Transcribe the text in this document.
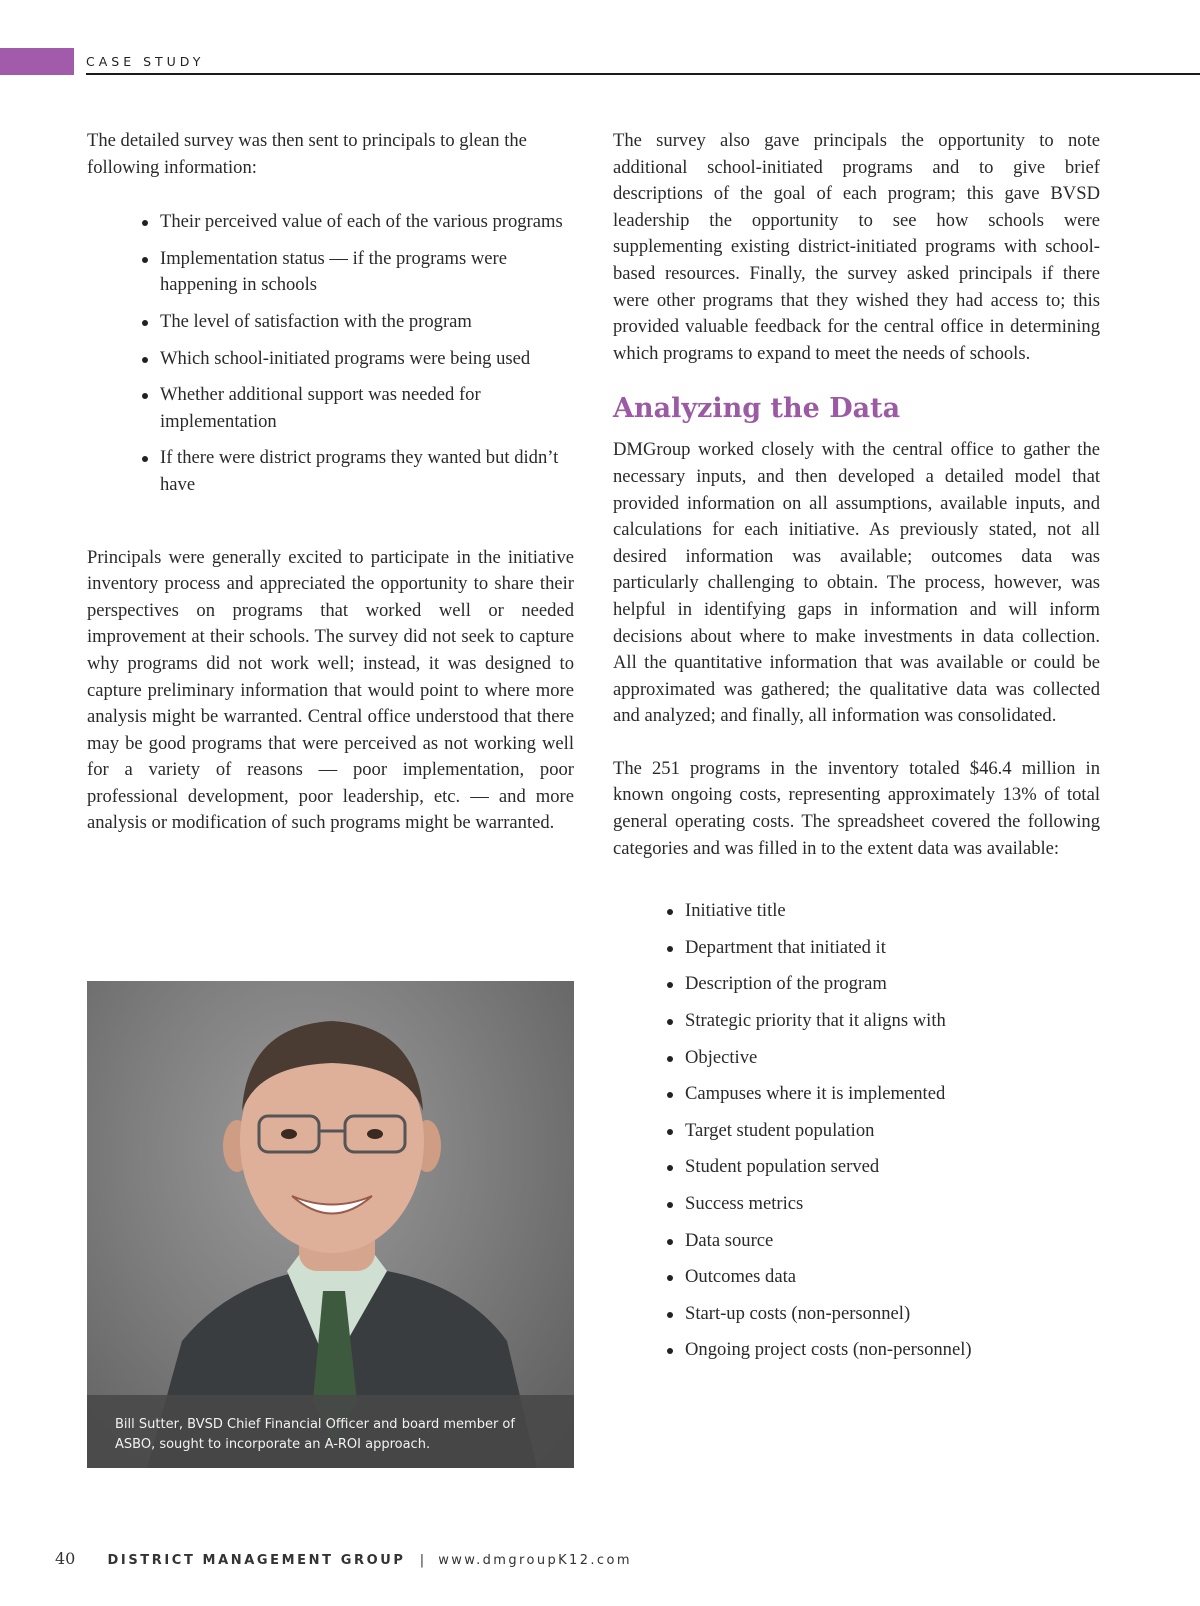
CASE STUDY

The detailed survey was then sent to principals to glean the following information:

Their perceived value of each of the various programs
Implementation status — if the programs were happening in schools
The level of satisfaction with the program
Which school-initiated programs were being used
Whether additional support was needed for implementation
If there were district programs they wanted but didn’t have

Principals were generally excited to participate in the initiative inventory process and appreciated the opportunity to share their perspectives on programs that worked well or needed improvement at their schools. The survey did not seek to capture why programs did not work well; instead, it was designed to capture preliminary information that would point to where more analysis might be warranted. Central office understood that there may be good programs that were perceived as not working well for a variety of reasons — poor implementation, poor professional development, poor leadership, etc. — and more analysis or modification of such programs might be warranted.

Bill Sutter, BVSD Chief Financial Officer and board member of ASBO, sought to incorporate an A-ROI approach.

The survey also gave principals the opportunity to note additional school-initiated programs and to give brief descriptions of the goal of each program; this gave BVSD leadership the opportunity to see how schools were supplementing existing district-initiated programs with school-based resources. Finally, the survey asked principals if there were other programs that they wished they had access to; this provided valuable feedback for the central office in determining which programs to expand to meet the needs of schools.

Analyzing the Data

DMGroup worked closely with the central office to gather the necessary inputs, and then developed a detailed model that provided information on all assumptions, available inputs, and calculations for each initiative. As previously stated, not all desired information was available; outcomes data was particularly challenging to obtain. The process, however, was helpful in identifying gaps in information and will inform decisions about where to make investments in data collection. All the quantitative information that was available or could be approximated was gathered; the qualitative data was collected and analyzed; and finally, all information was consolidated.

The 251 programs in the inventory totaled $46.4 million in known ongoing costs, representing approximately 13% of total general operating costs. The spreadsheet covered the following categories and was filled in to the extent data was available:

Initiative title
Department that initiated it
Description of the program
Strategic priority that it aligns with
Objective
Campuses where it is implemented
Target student population
Student population served
Success metrics
Data source
Outcomes data
Start-up costs (non-personnel)
Ongoing project costs (non-personnel)
40 DISTRICT MANAGEMENT GROUP | www.dmgroupK12.com
